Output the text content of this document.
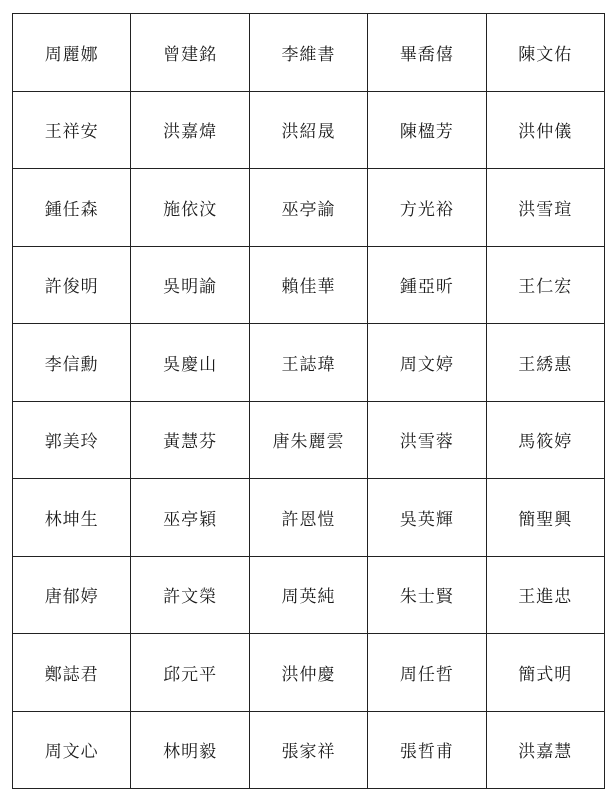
周麗娜	曾建銘	李維書	畢喬僖	陳文佑
王祥安	洪嘉煒	洪紹晟	陳楹芳	洪仲儀
鍾任森	施依汶	巫亭諭	方光裕	洪雪瑄
許俊明	吳明諭	賴佳華	鍾亞昕	王仁宏
李信勳	吳慶山	王誌瑋	周文婷	王綉惠
郭美玲	黃慧芬	唐朱麗雲	洪雪蓉	馬筱婷
林坤生	巫亭穎	許恩愷	吳英輝	簡聖興
唐郁婷	許文榮	周英純	朱士賢	王進忠
鄭誌君	邱元平	洪仲慶	周任哲	簡式明
周文心	林明毅	張家祥	張哲甫	洪嘉慧
